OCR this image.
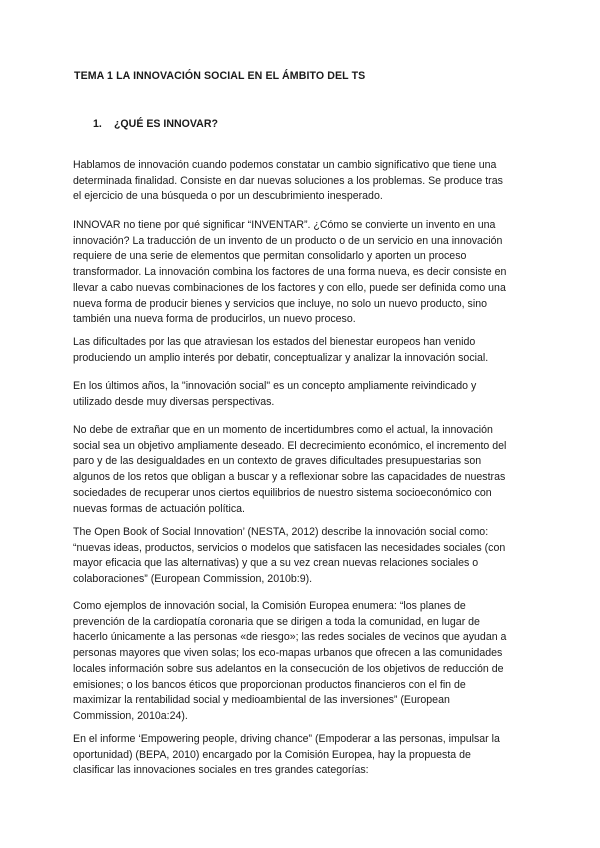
TEMA 1 LA INNOVACIÓN SOCIAL EN EL ÁMBITO DEL TS
1. ¿QUÉ ES INNOVAR?
Hablamos de innovación cuando podemos constatar un cambio significativo que tiene una
determinada finalidad. Consiste en dar nuevas soluciones a los problemas. Se produce tras
el ejercicio de una búsqueda o por un descubrimiento inesperado.
INNOVAR no tiene por qué significar “INVENTAR”. ¿Cómo se convierte un invento en una
innovación? La traducción de un invento de un producto o de un servicio en una innovación
requiere de una serie de elementos que permitan consolidarlo y aporten un proceso
transformador. La innovación combina los factores de una forma nueva, es decir consiste en
llevar a cabo nuevas combinaciones de los factores y con ello, puede ser definida como una
nueva forma de producir bienes y servicios que incluye, no solo un nuevo producto, sino
también una nueva forma de producirlos, un nuevo proceso.
Las dificultades por las que atraviesan los estados del bienestar europeos han venido
produciendo un amplio interés por debatir, conceptualizar y analizar la innovación social.
En los últimos años, la "innovación social" es un concepto ampliamente reivindicado y
utilizado desde muy diversas perspectivas.
No debe de extrañar que en un momento de incertidumbres como el actual, la innovación
social sea un objetivo ampliamente deseado. El decrecimiento económico, el incremento del
paro y de las desigualdades en un contexto de graves dificultades presupuestarias son
algunos de los retos que obligan a buscar y a reflexionar sobre las capacidades de nuestras
sociedades de recuperar unos ciertos equilibrios de nuestro sistema socioeconómico con
nuevas formas de actuación política.
The Open Book of Social Innovation’ (NESTA, 2012) describe la innovación social como:
“nuevas ideas, productos, servicios o modelos que satisfacen las necesidades sociales (con
mayor eficacia que las alternativas) y que a su vez crean nuevas relaciones sociales o
colaboraciones” (European Commission, 2010b:9).
Como ejemplos de innovación social, la Comisión Europea enumera: “los planes de
prevención de la cardiopatía coronaria que se dirigen a toda la comunidad, en lugar de
hacerlo únicamente a las personas «de riesgo»; las redes sociales de vecinos que ayudan a
personas mayores que viven solas; los eco-mapas urbanos que ofrecen a las comunidades
locales información sobre sus adelantos en la consecución de los objetivos de reducción de
emisiones; o los bancos éticos que proporcionan productos financieros con el fin de
maximizar la rentabilidad social y medioambiental de las inversiones” (European
Commission, 2010a:24).
En el informe ‘Empowering people, driving chance” (Empoderar a las personas, impulsar la
oportunidad) (BEPA, 2010) encargado por la Comisión Europea, hay la propuesta de
clasificar las innovaciones sociales en tres grandes categorías:
